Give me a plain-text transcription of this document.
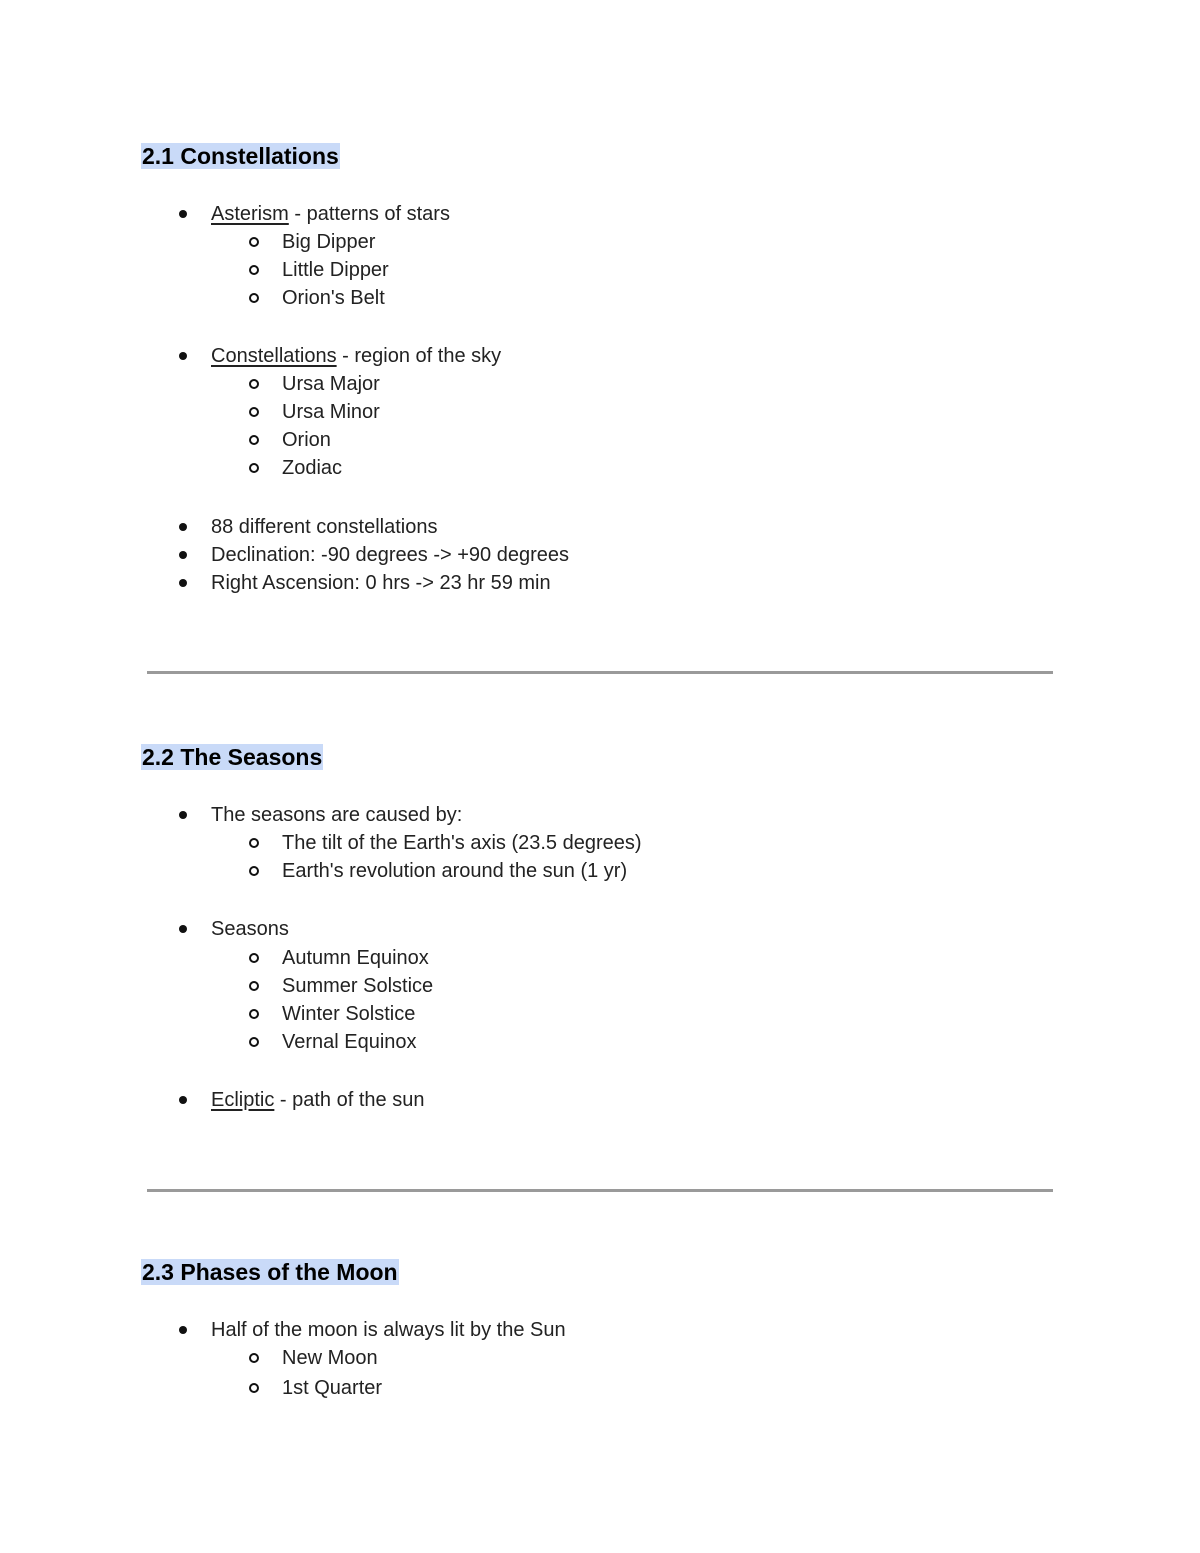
2.1 Constellations
Asterism - patterns of stars
Big Dipper
Little Dipper
Orion's Belt
Constellations - region of the sky
Ursa Major
Ursa Minor
Orion
Zodiac
88 different constellations
Declination: -90 degrees -> +90 degrees
Right Ascension: 0 hrs -> 23 hr 59 min
2.2 The Seasons
The seasons are caused by:
The tilt of the Earth's axis (23.5 degrees)
Earth's revolution around the sun (1 yr)
Seasons
Autumn Equinox
Summer Solstice
Winter Solstice
Vernal Equinox
Ecliptic - path of the sun
2.3 Phases of the Moon
Half of the moon is always lit by the Sun
New Moon
1st Quarter
